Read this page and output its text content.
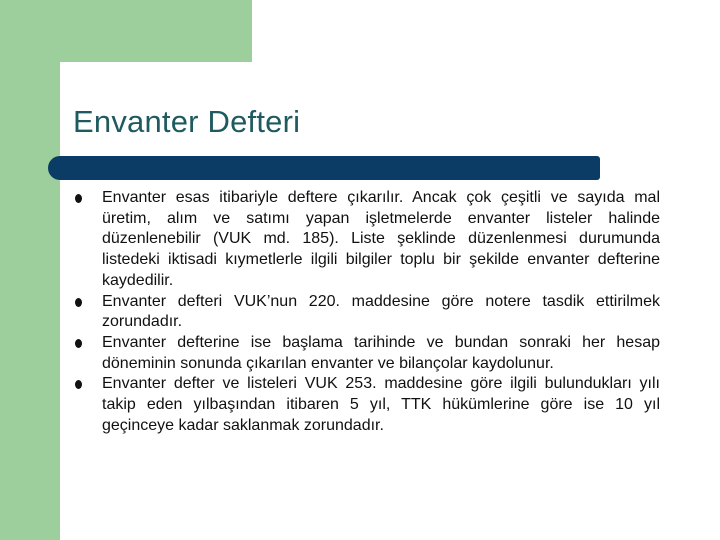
Envanter Defteri
Envanter esas itibariyle deftere çıkarılır. Ancak çok çeşitli ve sayıda mal üretim, alım ve satımı yapan işletmelerde envanter listeler halinde düzenlenebilir (VUK md. 185). Liste şeklinde düzenlenmesi durumunda listedeki iktisadi kıymetlerle ilgili bilgiler toplu bir şekilde envanter defterine kaydedilir.
Envanter defteri VUK’nun 220. maddesine göre notere tasdik ettirilmek zorundadır.
Envanter defterine ise başlama tarihinde ve bundan sonraki her hesap döneminin sonunda çıkarılan envanter ve bilançolar kaydolunur.
Envanter defter ve listeleri VUK 253. maddesine göre ilgili bulundukları yılı takip eden yılbaşından itibaren 5 yıl, TTK hükümlerine göre ise 10 yıl geçinceye kadar saklanmak zorundadır.
